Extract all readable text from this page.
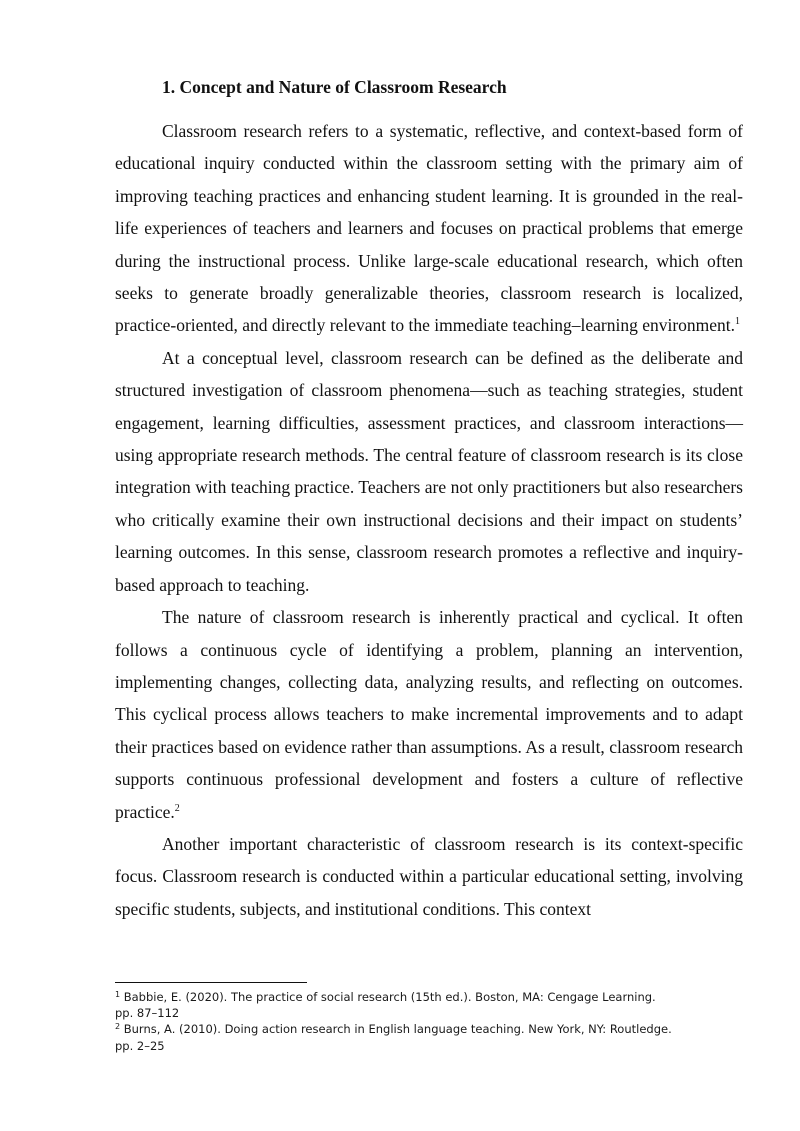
1. Concept and Nature of Classroom Research

Classroom research refers to a systematic, reflective, and context-based form of educational inquiry conducted within the classroom setting with the primary aim of improving teaching practices and enhancing student learning. It is grounded in the real-life experiences of teachers and learners and focuses on practical problems that emerge during the instructional process. Unlike large-scale educational research, which often seeks to generate broadly generalizable theories, classroom research is localized, practice-oriented, and directly relevant to the immediate teaching–learning environment.$^1$

At a conceptual level, classroom research can be defined as the deliberate and structured investigation of classroom phenomena—such as teaching strategies, student engagement, learning difficulties, assessment practices, and classroom interactions—using appropriate research methods. The central feature of classroom research is its close integration with teaching practice. Teachers are not only practitioners but also researchers who critically examine their own instructional decisions and their impact on students’ learning outcomes. In this sense, classroom research promotes a reflective and inquiry-based approach to teaching.

The nature of classroom research is inherently practical and cyclical. It often follows a continuous cycle of identifying a problem, planning an intervention, implementing changes, collecting data, analyzing results, and reflecting on outcomes. This cyclical process allows teachers to make incremental improvements and to adapt their practices based on evidence rather than assumptions. As a result, classroom research supports continuous professional development and fosters a culture of reflective practice.$^2$

Another important characteristic of classroom research is its context-specific focus. Classroom research is conducted within a particular educational setting, involving specific students, subjects, and institutional conditions. This context

$^1$ Babbie, E. (2020). The practice of social research (15th ed.). Boston, MA: Cengage Learning.

pp. 87–112

$^2$ Burns, A. (2010). Doing action research in English language teaching. New York, NY: Routledge.

pp. 2–25
